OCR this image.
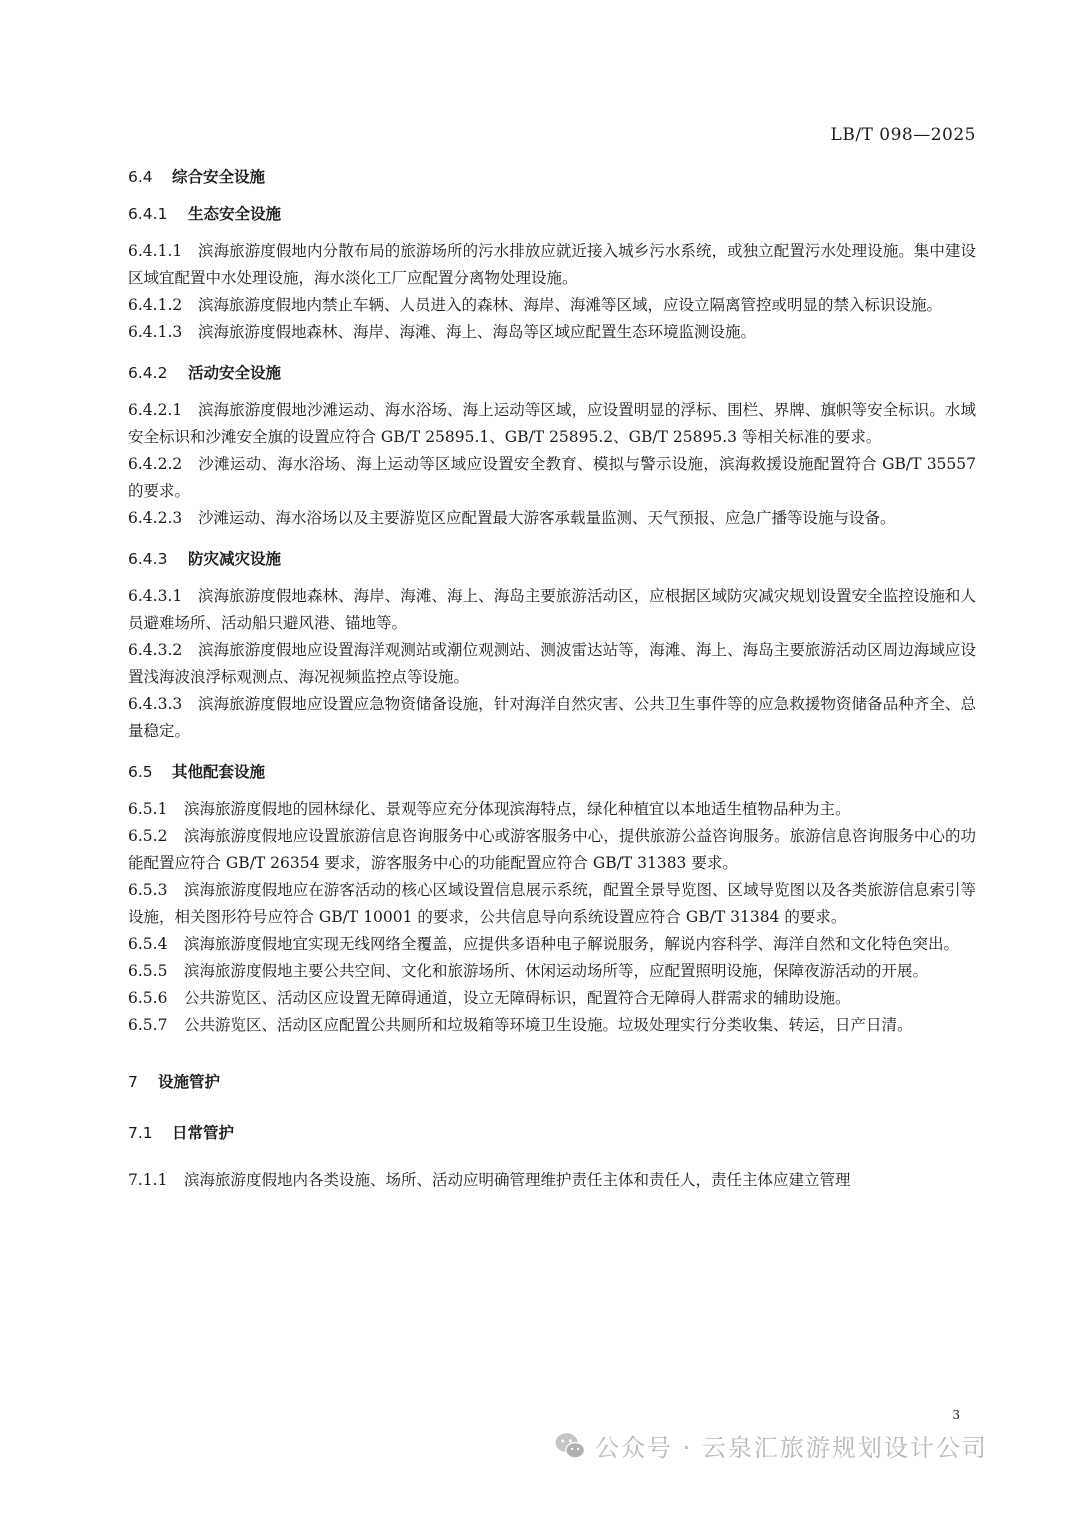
LB/T 098—2025
6.4 综合安全设施
6.4.1 生态安全设施
6.4.1.1 滨海旅游度假地内分散布局的旅游场所的污水排放应就近接入城乡污水系统，或独立配置污水处理设施。集中建设区域宜配置中水处理设施，海水淡化工厂应配置分离物处理设施。
6.4.1.2 滨海旅游度假地内禁止车辆、人员进入的森林、海岸、海滩等区域，应设立隔离管控或明显的禁入标识设施。
6.4.1.3 滨海旅游度假地森林、海岸、海滩、海上、海岛等区域应配置生态环境监测设施。
6.4.2 活动安全设施
6.4.2.1 滨海旅游度假地沙滩运动、海水浴场、海上运动等区域，应设置明显的浮标、围栏、界牌、旗帜等安全标识。水域安全标识和沙滩安全旗的设置应符合 GB/T 25895.1、GB/T 25895.2、GB/T 25895.3 等相关标准的要求。
6.4.2.2 沙滩运动、海水浴场、海上运动等区域应设置安全教育、模拟与警示设施，滨海救援设施配置符合 GB/T 35557 的要求。
6.4.2.3 沙滩运动、海水浴场以及主要游览区应配置最大游客承载量监测、天气预报、应急广播等设施与设备。
6.4.3 防灾减灾设施
6.4.3.1 滨海旅游度假地森林、海岸、海滩、海上、海岛主要旅游活动区，应根据区域防灾减灾规划设置安全监控设施和人员避难场所、活动船只避风港、锚地等。
6.4.3.2 滨海旅游度假地应设置海洋观测站或潮位观测站、测波雷达站等，海滩、海上、海岛主要旅游活动区周边海域应设置浅海波浪浮标观测点、海况视频监控点等设施。
6.4.3.3 滨海旅游度假地应设置应急物资储备设施，针对海洋自然灾害、公共卫生事件等的应急救援物资储备品种齐全、总量稳定。
6.5 其他配套设施
6.5.1 滨海旅游度假地的园林绿化、景观等应充分体现滨海特点，绿化种植宜以本地适生植物品种为主。
6.5.2 滨海旅游度假地应设置旅游信息咨询服务中心或游客服务中心，提供旅游公益咨询服务。旅游信息咨询服务中心的功能配置应符合 GB/T 26354 要求，游客服务中心的功能配置应符合 GB/T 31383 要求。
6.5.3 滨海旅游度假地应在游客活动的核心区域设置信息展示系统，配置全景导览图、区域导览图以及各类旅游信息索引等设施，相关图形符号应符合 GB/T 10001 的要求，公共信息导向系统设置应符合 GB/T 31384 的要求。
6.5.4 滨海旅游度假地宜实现无线网络全覆盖，应提供多语种电子解说服务，解说内容科学、海洋自然和文化特色突出。
6.5.5 滨海旅游度假地主要公共空间、文化和旅游场所、休闲运动场所等，应配置照明设施，保障夜游活动的开展。
6.5.6 公共游览区、活动区应设置无障碍通道，设立无障碍标识，配置符合无障碍人群需求的辅助设施。
6.5.7 公共游览区、活动区应配置公共厕所和垃圾箱等环境卫生设施。垃圾处理实行分类收集、转运，日产日清。
7 设施管护
7.1 日常管护
7.1.1 滨海旅游度假地内各类设施、场所、活动应明确管理维护责任主体和责任人，责任主体应建立管理
3
公众号 · 云泉汇旅游规划设计公司
